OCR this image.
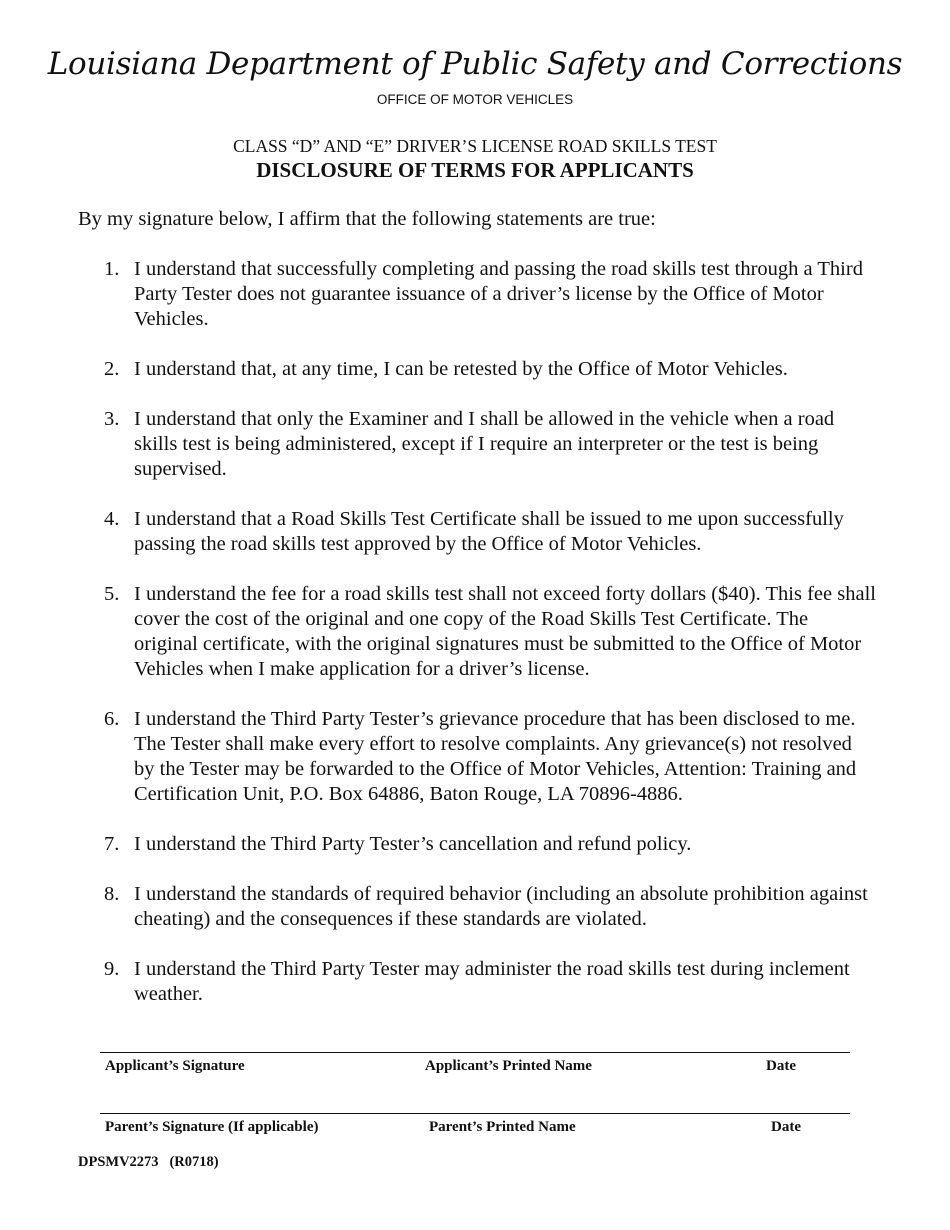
Louisiana Department of Public Safety and Corrections
OFFICE OF MOTOR VEHICLES
CLASS “D” AND “E” DRIVER’S LICENSE ROAD SKILLS TEST
DISCLOSURE OF TERMS FOR APPLICANTS
By my signature below, I affirm that the following statements are true:
1. I understand that successfully completing and passing the road skills test through a Third Party Tester does not guarantee issuance of a driver’s license by the Office of Motor Vehicles.
2. I understand that, at any time, I can be retested by the Office of Motor Vehicles.
3. I understand that only the Examiner and I shall be allowed in the vehicle when a road skills test is being administered, except if I require an interpreter or the test is being supervised.
4. I understand that a Road Skills Test Certificate shall be issued to me upon successfully passing the road skills test approved by the Office of Motor Vehicles.
5. I understand the fee for a road skills test shall not exceed forty dollars ($40). This fee shall cover the cost of the original and one copy of the Road Skills Test Certificate. The original certificate, with the original signatures must be submitted to the Office of Motor Vehicles when I make application for a driver’s license.
6. I understand the Third Party Tester’s grievance procedure that has been disclosed to me. The Tester shall make every effort to resolve complaints. Any grievance(s) not resolved by the Tester may be forwarded to the Office of Motor Vehicles, Attention: Training and Certification Unit, P.O. Box 64886, Baton Rouge, LA 70896-4886.
7. I understand the Third Party Tester’s cancellation and refund policy.
8. I understand the standards of required behavior (including an absolute prohibition against cheating) and the consequences if these standards are violated.
9. I understand the Third Party Tester may administer the road skills test during inclement weather.
Applicant’s Signature	Applicant’s Printed Name	Date
Parent’s Signature (If applicable)	Parent’s Printed Name	Date
DPSMV2273 (R0718)
